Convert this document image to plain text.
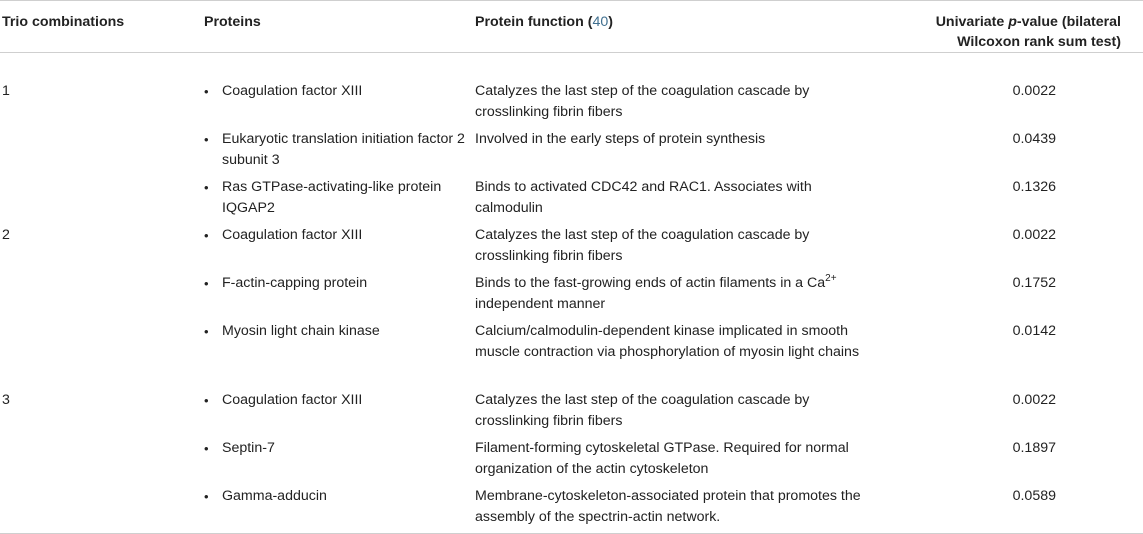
Trio combinations	Proteins	Protein function (40)	Univariate p-value (bilateral
Wilcoxon rank sum test)
1	• Coagulation factor XIII	Catalyzes the last step of the coagulation cascade by crosslinking fibrin fibers	0.0022

	• Eukaryotic translation initiation factor 2 subunit 3	Involved in the early steps of protein synthesis	0.0439

	• Ras GTPase-activating-like protein IQGAP2	Binds to activated CDC42 and RAC1. Associates with calmodulin	0.1326
2	• Coagulation factor XIII	Catalyzes the last step of the coagulation cascade by crosslinking fibrin fibers	0.0022

	• F-actin-capping protein	Binds to the fast-growing ends of actin filaments in a $Ca^{2+}$ independent manner	0.1752

	• Myosin light chain kinase	Calcium/calmodulin-dependent kinase implicated in smooth muscle contraction via phosphorylation of myosin light chains	0.0142
3	• Coagulation factor XIII	Catalyzes the last step of the coagulation cascade by crosslinking fibrin fibers	0.0022

	• Septin-7	Filament-forming cytoskeletal GTPase. Required for normal organization of the actin cytoskeleton	0.1897

	• Gamma-adducin	Membrane-cytoskeleton-associated protein that promotes the assembly of the spectrin-actin network.	0.0589
